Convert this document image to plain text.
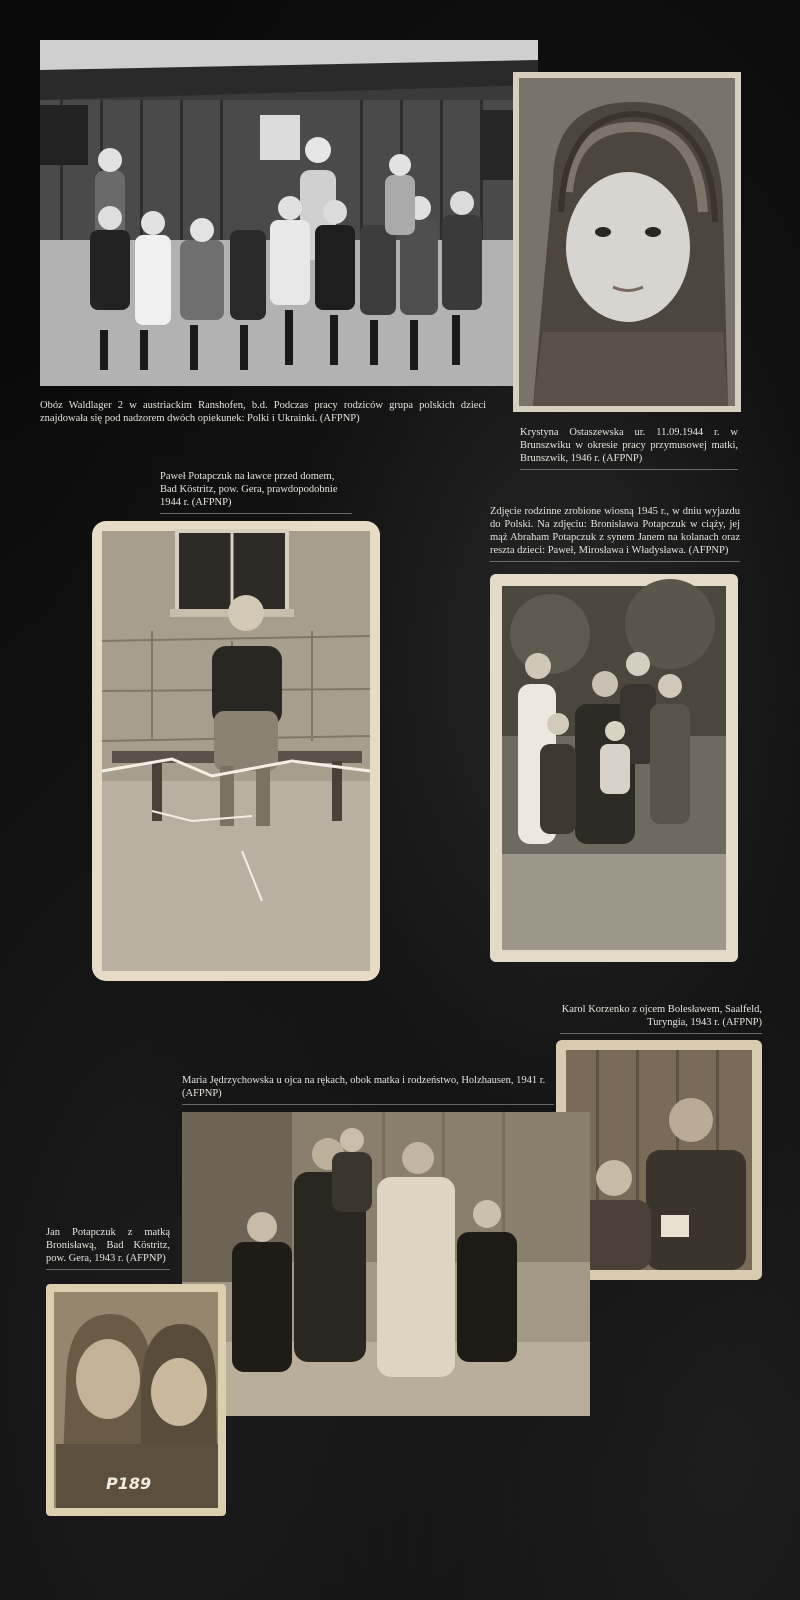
Obóz Waldlager 2 w austriackim Ranshofen, b.d. Podczas pracy rodziców grupa polskich dzieci znajdowała się pod nadzorem dwóch opiekunek: Polki i Ukrainki. (AFPNP)

Krystyna Ostaszewska ur. 11.09.1944 r. w Brunszwiku w okresie pracy przymusowej matki, Brunszwik, 1946 r. (AFPNP)

Paweł Potapczuk na ławce przed domem, Bad Köstritz, pow. Gera, prawdopodobnie 1944 r. (AFPNP)

Zdjęcie rodzinne zrobione wiosną 1945 r., w dniu wyjazdu do Polski. Na zdjęciu: Bronisława Potapczuk w ciąży, jej mąż Abraham Potapczuk z synem Janem na kolanach oraz reszta dzieci: Paweł, Mirosława i Władysława. (AFPNP)

Karol Korzenko z ojcem Bolesławem, Saalfeld, Turyngia, 1943 r. (AFPNP)

Maria Jędrzychowska u ojca na rękach, obok matka i rodzeństwo, Holzhausen, 1941 r. (AFPNP)

Jan Potapczuk z matką Bronisławą, Bad Köstritz, pow. Gera, 1943 r. (AFPNP)

P189
